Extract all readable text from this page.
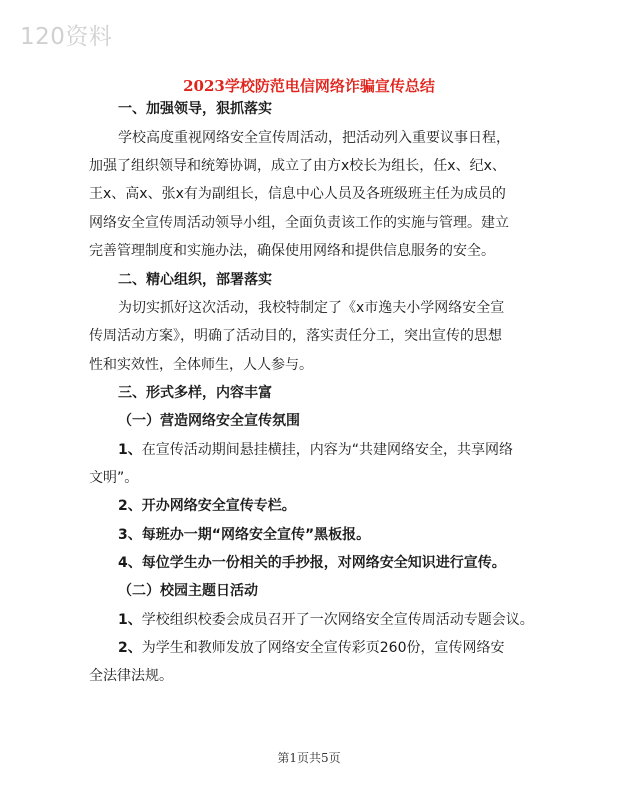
120资料
2023学校防范电信网络诈骗宣传总结
一、加强领导，狠抓落实
学校高度重视网络安全宣传周活动，把活动列入重要议事日程，
加强了组织领导和统筹协调，成立了由方x校长为组长，任x、纪x、
王x、高x、张x有为副组长，信息中心人员及各班级班主任为成员的
网络安全宣传周活动领导小组，全面负责该工作的实施与管理。建立
完善管理制度和实施办法，确保使用网络和提供信息服务的安全。
二、精心组织，部署落实
为切实抓好这次活动，我校特制定了《x市逸夫小学网络安全宣
传周活动方案》，明确了活动目的，落实责任分工，突出宣传的思想
性和实效性，全体师生，人人参与。
三、形式多样，内容丰富
（一）营造网络安全宣传氛围
1、在宣传活动期间悬挂横挂，内容为“共建网络安全，共享网络
文明”。
2、开办网络安全宣传专栏。
3、每班办一期“网络安全宣传”黑板报。
4、每位学生办一份相关的手抄报，对网络安全知识进行宣传。
（二）校园主题日活动
1、学校组织校委会成员召开了一次网络安全宣传周活动专题会议。
2、为学生和教师发放了网络安全宣传彩页260份，宣传网络安
全法律法规。
第1页共5页
